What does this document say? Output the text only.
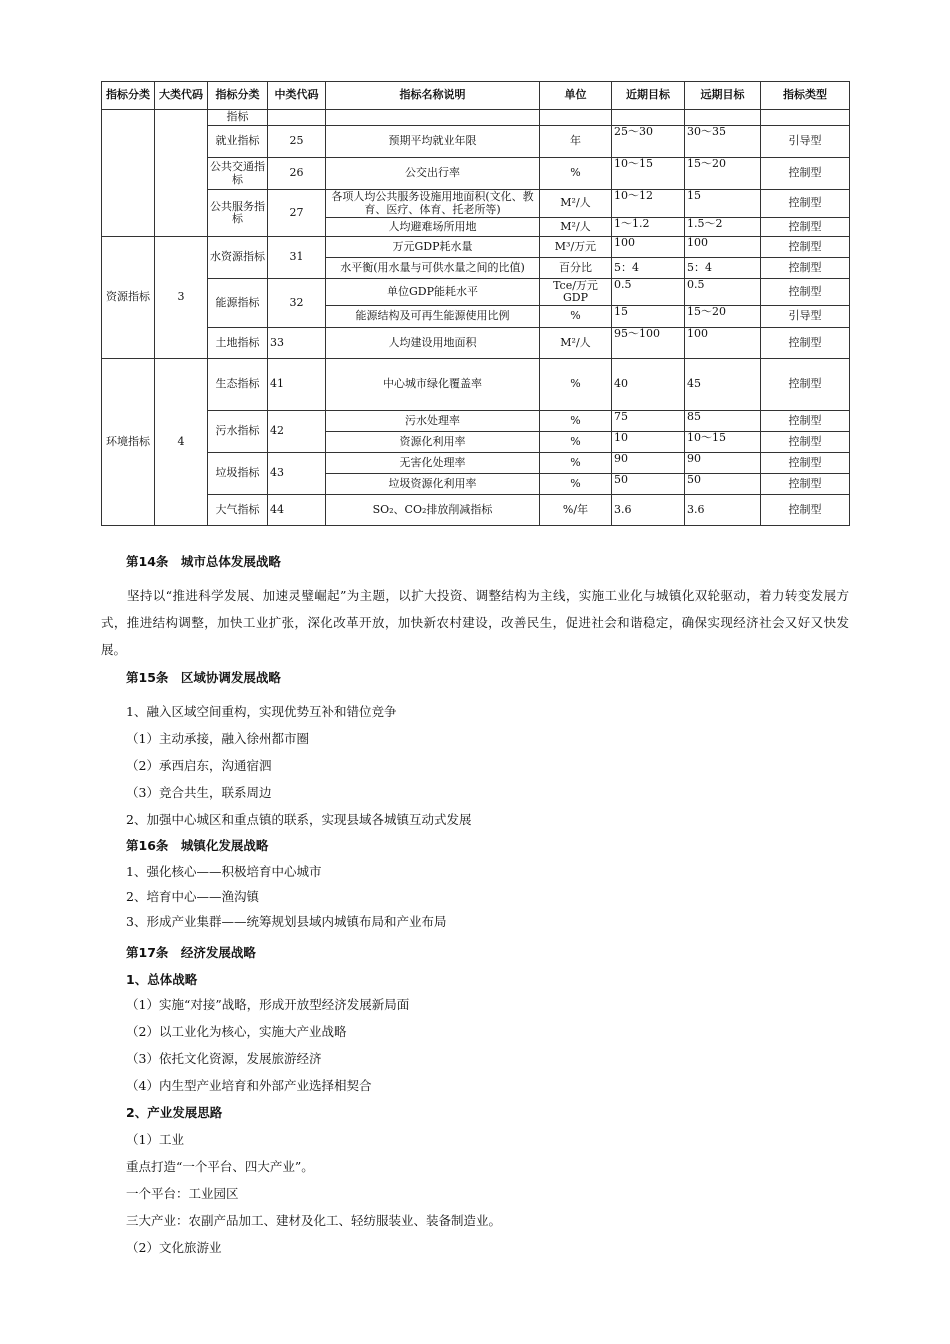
指标分类	大类代码	指标分类	中类代码	指标名称说明	单位	近期目标	远期目标	指标类型
		指标						
		就业指标	25	预期平均就业年限	年	25～30	30～35	引导型
		公共交通指标	26	公交出行率	%	10～15	15～20	控制型
		公共服务指标	27	各项人均公共服务设施用地面积(文化、教育、医疗、体育、托老所等)	M²/人	10～12	15	控制型
				人均避难场所用地	M²/人	1～1.2	1.5～2	控制型
资源指标	3	水资源指标	31	万元GDP耗水量	M³/万元	100	100	控制型
				水平衡(用水量与可供水量之间的比值)	百分比	5：4	5：4	控制型
		能源指标	32	单位GDP能耗水平	Tce/万元GDP	0.5	0.5	控制型
				能源结构及可再生能源使用比例	%	15	15～20	引导型
		土地指标	33	人均建设用地面积	M²/人	95～100	100	控制型
环境指标	4	生态指标	41	中心城市绿化覆盖率	%	40	45	控制型
		污水指标	42	污水处理率	%	75	85	控制型
				资源化利用率	%	10	10～15	控制型
		垃圾指标	43	无害化处理率	%	90	90	控制型
				垃圾资源化利用率	%	50	50	控制型
		大气指标	44	SO₂、CO₂排放削减指标	%/年	3.6	3.6	控制型
第14条　城市总体发展战略
坚持以“推进科学发展、加速灵璧崛起”为主题，以扩大投资、调整结构为主线，实施工业化与城镇化双轮驱动，着力转变发展方式，推进结构调整，加快工业扩张，深化改革开放，加快新农村建设，改善民生，促进社会和谐稳定，确保实现经济社会又好又快发展。
第15条　区域协调发展战略
1、融入区域空间重构，实现优势互补和错位竞争
（1）主动承接，融入徐州都市圈
（2）承西启东，沟通宿泗
（3）竞合共生，联系周边
2、加强中心城区和重点镇的联系，实现县域各城镇互动式发展
第16条　城镇化发展战略
1、强化核心——积极培育中心城市
2、培育中心——渔沟镇
3、形成产业集群——统筹规划县域内城镇布局和产业布局
第17条　经济发展战略
1、总体战略
（1）实施“对接”战略，形成开放型经济发展新局面
（2）以工业化为核心，实施大产业战略
（3）依托文化资源，发展旅游经济
（4）内生型产业培育和外部产业选择相契合
2、产业发展思路
（1）工业
重点打造“一个平台、四大产业”。
一个平台：工业园区
三大产业：农副产品加工、建材及化工、轻纺服装业、装备制造业。
（2）文化旅游业
